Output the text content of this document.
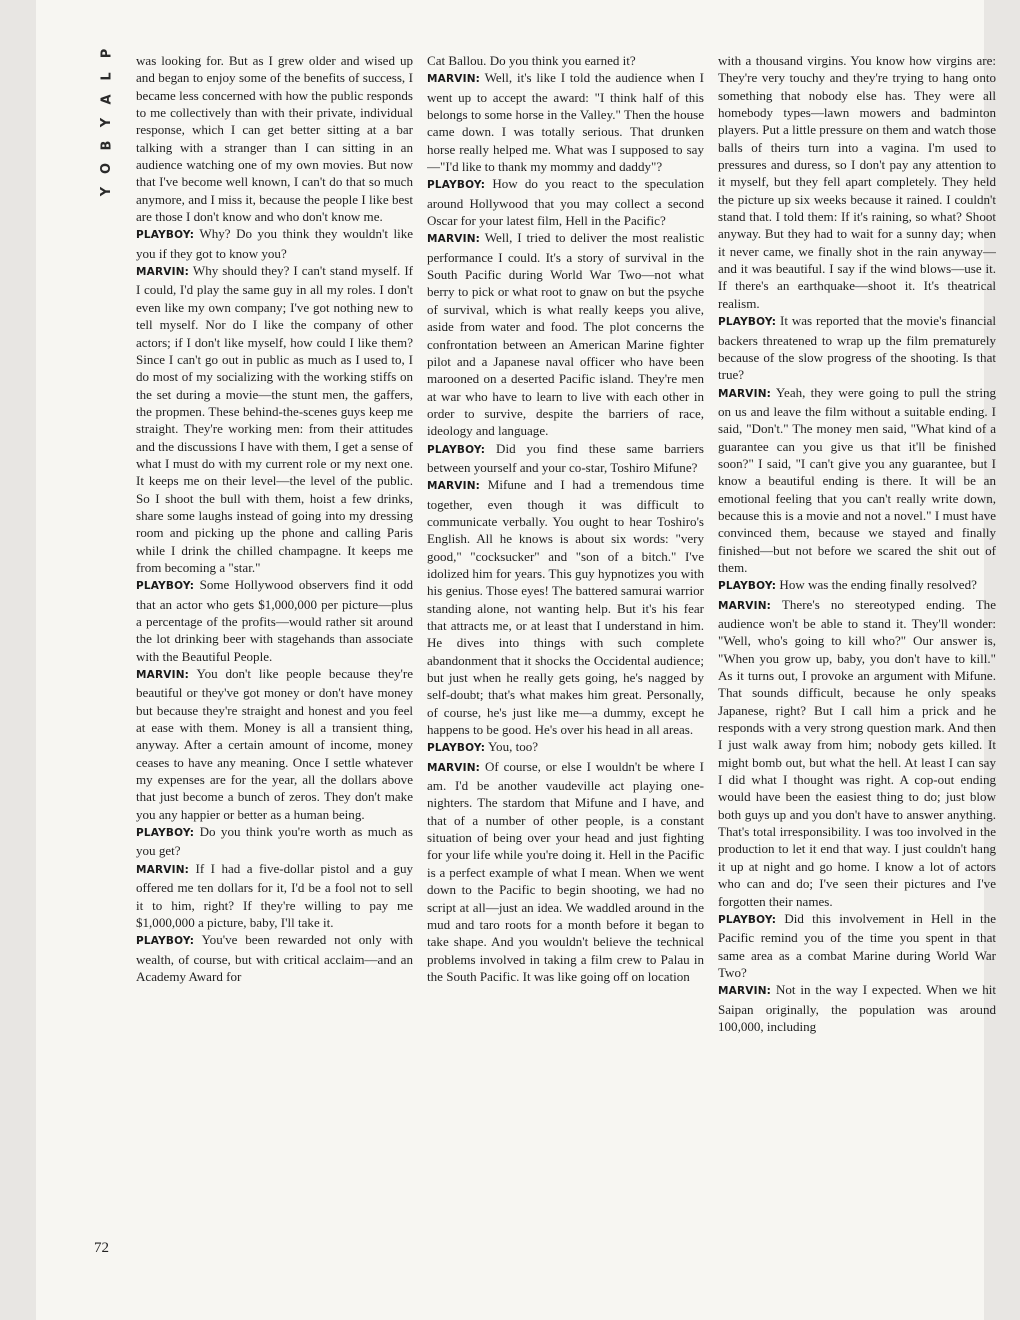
P
L
A
Y
B
O
Y
72

was looking for. But as I grew older and wised up and began to enjoy some of the benefits of success, I became less concerned with how the public responds to me collectively than with their private, individual response, which I can get better sitting at a bar talking with a stranger than I can sitting in an audience watching one of my own movies. But now that I've become well known, I can't do that so much anymore, and I miss it, because the people I like best are those I don't know and who don't know me.

PLAYBOY: Why? Do you think they wouldn't like you if they got to know you?

MARVIN: Why should they? I can't stand myself. If I could, I'd play the same guy in all my roles. I don't even like my own company; I've got nothing new to tell myself. Nor do I like the company of other actors; if I don't like myself, how could I like them? Since I can't go out in public as much as I used to, I do most of my socializing with the working stiffs on the set during a movie—the stunt men, the gaffers, the propmen. These behind-the-scenes guys keep me straight. They're working men: from their attitudes and the discussions I have with them, I get a sense of what I must do with my current role or my next one. It keeps me on their level—the level of the public. So I shoot the bull with them, hoist a few drinks, share some laughs instead of going into my dressing room and picking up the phone and calling Paris while I drink the chilled champagne. It keeps me from becoming a "star."

PLAYBOY: Some Hollywood observers find it odd that an actor who gets $1,000,000 per picture—plus a percentage of the profits—would rather sit around the lot drinking beer with stagehands than associate with the Beautiful People.

MARVIN: You don't like people because they're beautiful or they've got money or don't have money but because they're straight and honest and you feel at ease with them. Money is all a transient thing, anyway. After a certain amount of income, money ceases to have any meaning. Once I settle whatever my expenses are for the year, all the dollars above that just become a bunch of zeros. They don't make you any happier or better as a human being.

PLAYBOY: Do you think you're worth as much as you get?

MARVIN: If I had a five-dollar pistol and a guy offered me ten dollars for it, I'd be a fool not to sell it to him, right? If they're willing to pay me $1,000,000 a picture, baby, I'll take it.

PLAYBOY: You've been rewarded not only with wealth, of course, but with critical acclaim—and an Academy Award for

Cat Ballou. Do you think you earned it?

MARVIN: Well, it's like I told the audience when I went up to accept the award: "I think half of this belongs to some horse in the Valley." Then the house came down. I was totally serious. That drunken horse really helped me. What was I supposed to say—"I'd like to thank my mommy and daddy"?

PLAYBOY: How do you react to the speculation around Hollywood that you may collect a second Oscar for your latest film, Hell in the Pacific?

MARVIN: Well, I tried to deliver the most realistic performance I could. It's a story of survival in the South Pacific during World War Two—not what berry to pick or what root to gnaw on but the psyche of survival, which is what really keeps you alive, aside from water and food. The plot concerns the confrontation between an American Marine fighter pilot and a Japanese naval officer who have been marooned on a deserted Pacific island. They're men at war who have to learn to live with each other in order to survive, despite the barriers of race, ideology and language.

PLAYBOY: Did you find these same barriers between yourself and your co-star, Toshiro Mifune?

MARVIN: Mifune and I had a tremendous time together, even though it was difficult to communicate verbally. You ought to hear Toshiro's English. All he knows is about six words: "very good," "cocksucker" and "son of a bitch." I've idolized him for years. This guy hypnotizes you with his genius. Those eyes! The battered samurai warrior standing alone, not wanting help. But it's his fear that attracts me, or at least that I understand in him. He dives into things with such complete abandonment that it shocks the Occidental audience; but just when he really gets going, he's nagged by self-doubt; that's what makes him great. Personally, of course, he's just like me—a dummy, except he happens to be good. He's over his head in all areas.

PLAYBOY: You, too?

MARVIN: Of course, or else I wouldn't be where I am. I'd be another vaudeville act playing one-nighters. The stardom that Mifune and I have, and that of a number of other people, is a constant situation of being over your head and just fighting for your life while you're doing it. Hell in the Pacific is a perfect example of what I mean. When we went down to the Pacific to begin shooting, we had no script at all—just an idea. We waddled around in the mud and taro roots for a month before it began to take shape. And you wouldn't believe the technical problems involved in taking a film crew to Palau in the South Pacific. It was like going off on location

with a thousand virgins. You know how virgins are: They're very touchy and they're trying to hang onto something that nobody else has. They were all homebody types—lawn mowers and badminton players. Put a little pressure on them and watch those balls of theirs turn into a vagina. I'm used to pressures and duress, so I don't pay any attention to it myself, but they fell apart completely. They held the picture up six weeks because it rained. I couldn't stand that. I told them: If it's raining, so what? Shoot anyway. But they had to wait for a sunny day; when it never came, we finally shot in the rain anyway—and it was beautiful. I say if the wind blows—use it. If there's an earthquake—shoot it. It's theatrical realism.

PLAYBOY: It was reported that the movie's financial backers threatened to wrap up the film prematurely because of the slow progress of the shooting. Is that true?

MARVIN: Yeah, they were going to pull the string on us and leave the film without a suitable ending. I said, "Don't." The money men said, "What kind of a guarantee can you give us that it'll be finished soon?" I said, "I can't give you any guarantee, but I know a beautiful ending is there. It will be an emotional feeling that you can't really write down, because this is a movie and not a novel." I must have convinced them, because we stayed and finally finished—but not before we scared the shit out of them.

PLAYBOY: How was the ending finally resolved?

MARVIN: There's no stereotyped ending. The audience won't be able to stand it. They'll wonder: "Well, who's going to kill who?" Our answer is, "When you grow up, baby, you don't have to kill." As it turns out, I provoke an argument with Mifune. That sounds difficult, because he only speaks Japanese, right? But I call him a prick and he responds with a very strong question mark. And then I just walk away from him; nobody gets killed. It might bomb out, but what the hell. At least I can say I did what I thought was right. A cop-out ending would have been the easiest thing to do; just blow both guys up and you don't have to answer anything. That's total irresponsibility. I was too involved in the production to let it end that way. I just couldn't hang it up at night and go home. I know a lot of actors who can and do; I've seen their pictures and I've forgotten their names.

PLAYBOY: Did this involvement in Hell in the Pacific remind you of the time you spent in that same area as a combat Marine during World War Two?

MARVIN: Not in the way I expected. When we hit Saipan originally, the population was around 100,000, including
